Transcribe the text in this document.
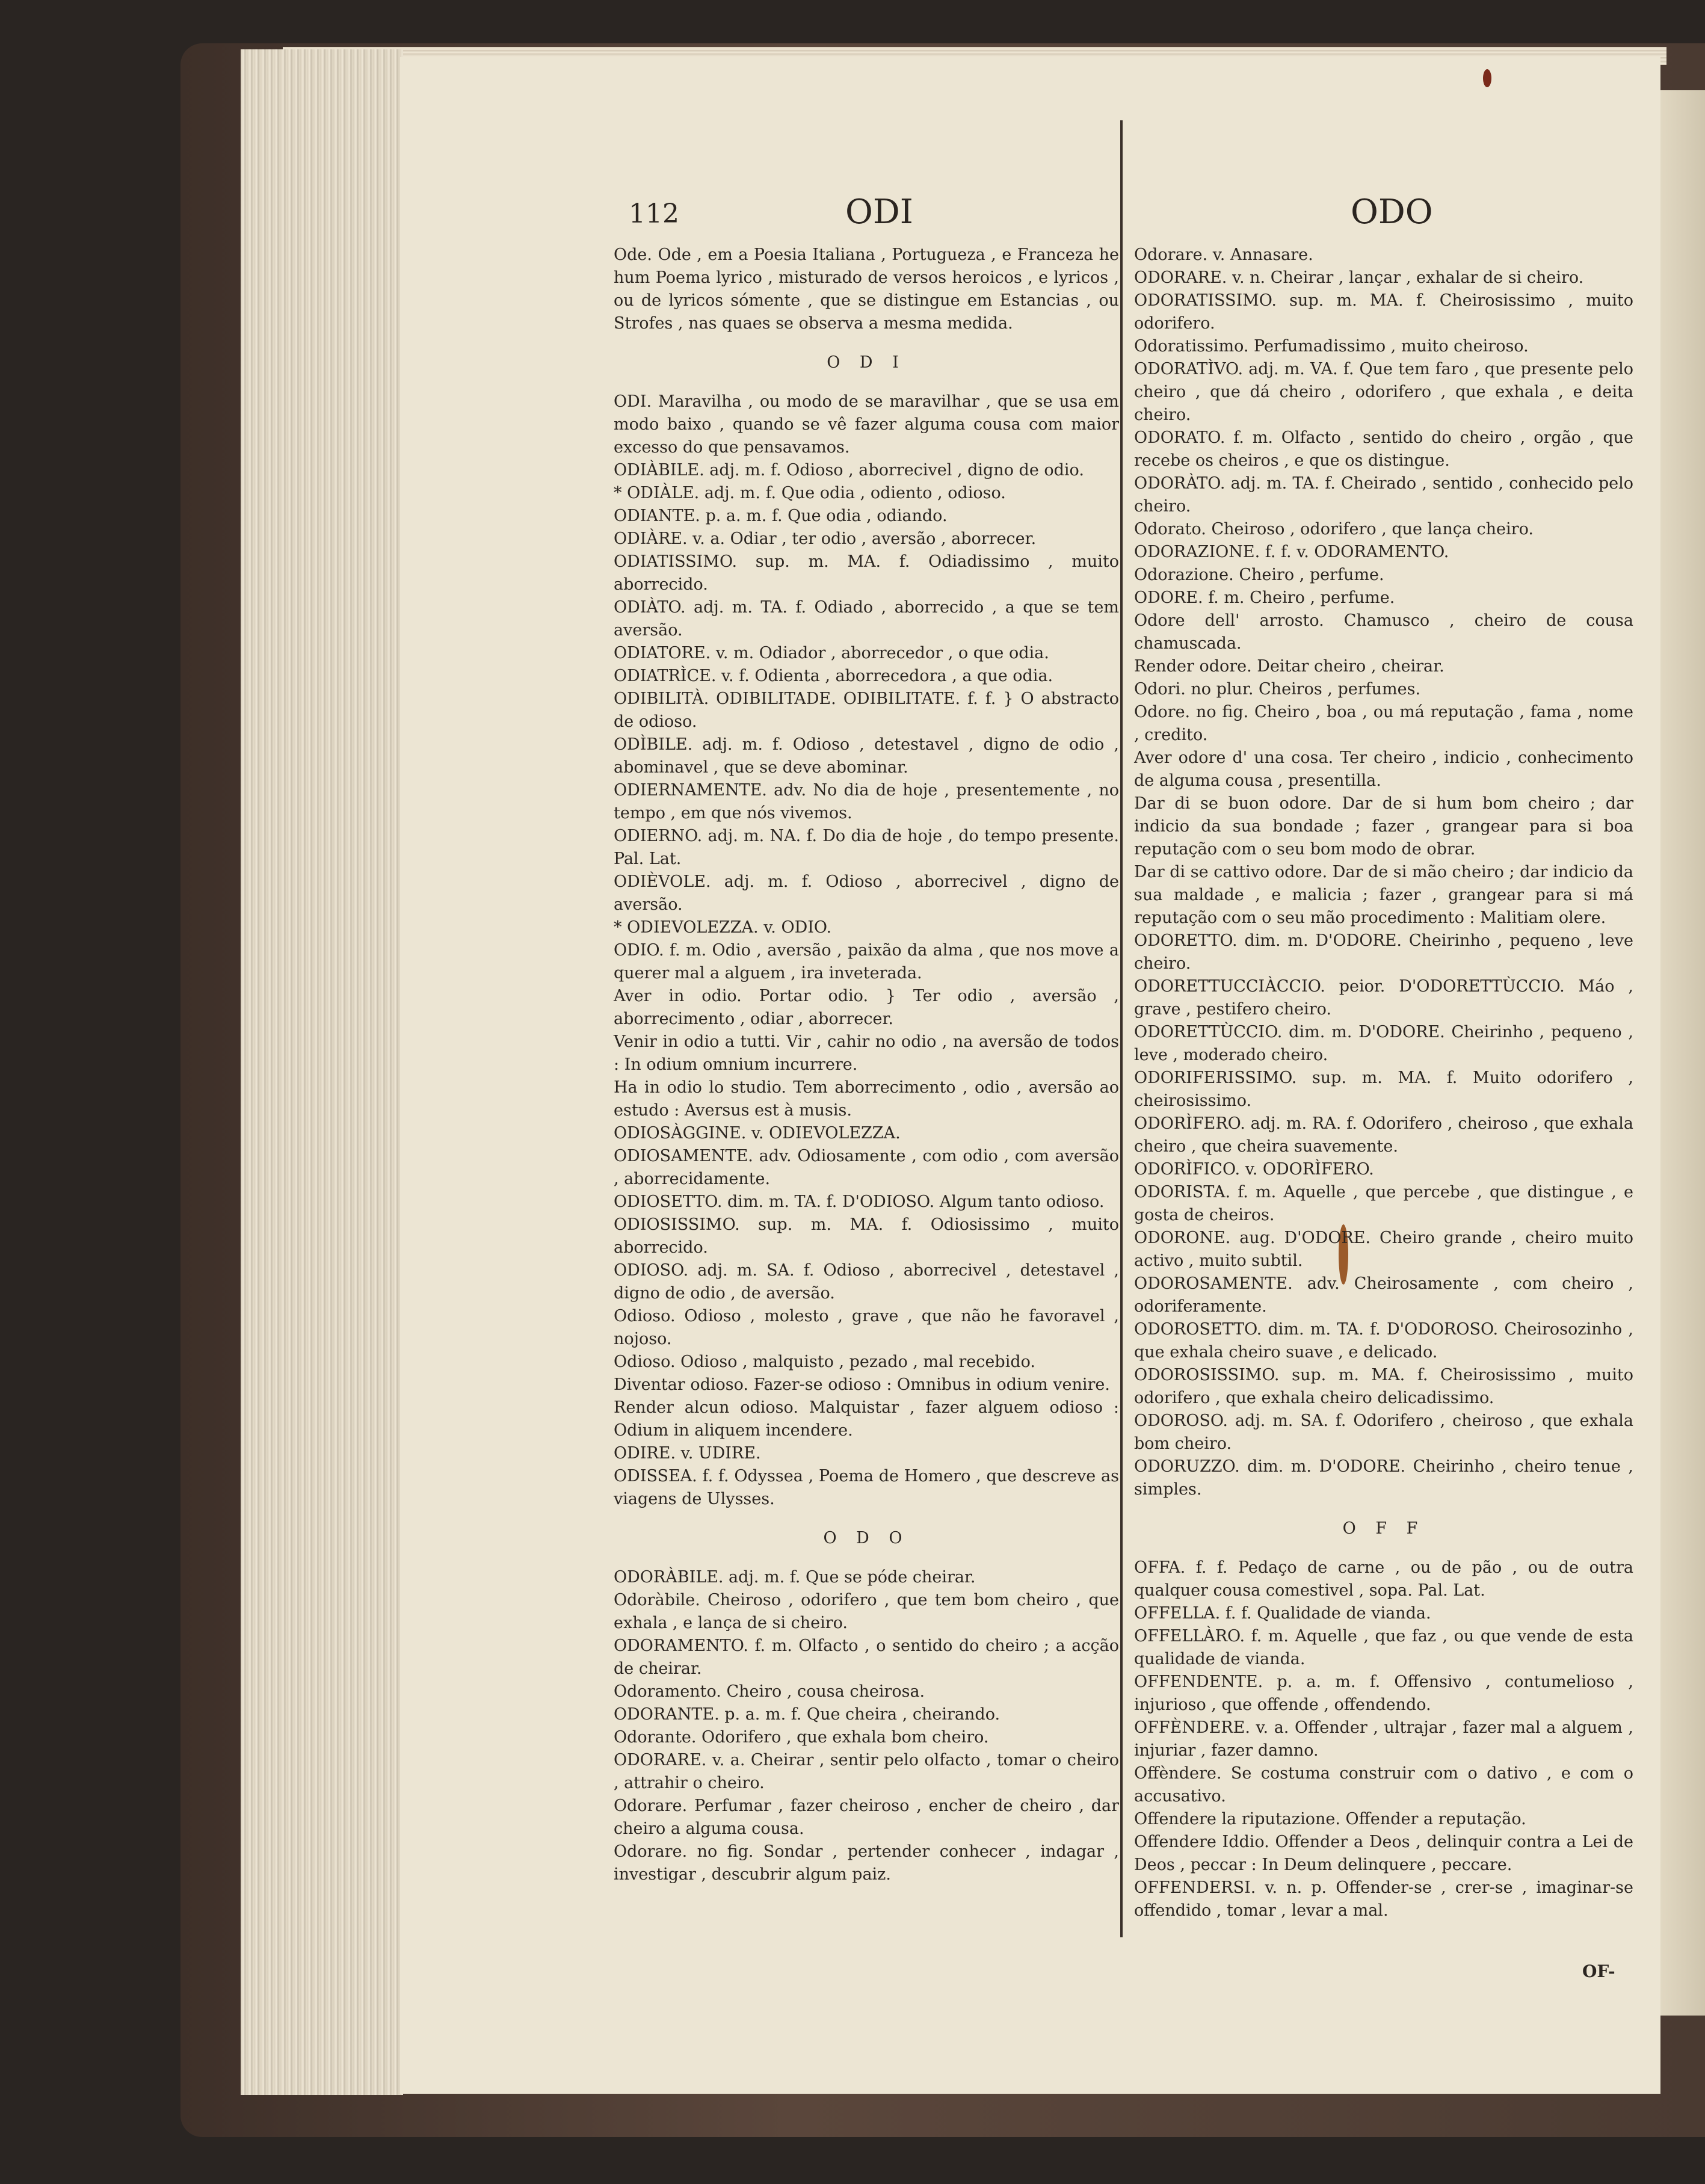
112	ODI	ODO

Ode. Ode , em a Poesia Italiana , Portugueza , e Franceza he hum Poema lyrico , misturado de versos heroicos , e lyricos , ou de lyricos sómente , que se distingue em Estancias , ou Strofes , nas quaes se observa a mesma medida.

O D I

ODI. Maravilha , ou modo de se maravilhar , que se usa em modo baixo , quando se vê fazer alguma cousa com maior excesso do que pensavamos.

ODIÀBILE. adj. m. f. Odioso , aborrecivel , digno de odio.

* ODIÀLE. adj. m. f. Que odia , odiento , odioso.

ODIANTE. p. a. m. f. Que odia , odiando.

ODIÀRE. v. a. Odiar , ter odio , aversão , aborrecer.

ODIATISSIMO. sup. m. MA. f. Odiadissimo , muito aborrecido.

ODIÀTO. adj. m. TA. f. Odiado , aborrecido , a que se tem aversão.

ODIATORE. v. m. Odiador , aborrecedor , o que odia.

ODIATRÌCE. v. f. Odienta , aborrecedora , a que odia.

ODIBILITÀ. ODIBILITADE. ODIBILITATE. f. f. } O abstracto de odioso.

ODÌBILE. adj. m. f. Odioso , detestavel , digno de odio , abominavel , que se deve abominar.

ODIERNAMENTE. adv. No dia de hoje , presentemente , no tempo , em que nós vivemos.

ODIERNO. adj. m. NA. f. Do dia de hoje , do tempo presente. Pal. Lat.

ODIÈVOLE. adj. m. f. Odioso , aborrecivel , digno de aversão.

* ODIEVOLEZZA. v. ODIO.

ODIO. f. m. Odio , aversão , paixão da alma , que nos move a querer mal a alguem , ira inveterada.

Aver in odio. Portar odio. } Ter odio , aversão , aborrecimento , odiar , aborrecer.

Venir in odio a tutti. Vir , cahir no odio , na aversão de todos : In odium omnium incurrere.

Ha in odio lo studio. Tem aborrecimento , odio , aversão ao estudo : Aversus est à musis.

ODIOSÀGGINE. v. ODIEVOLEZZA.

ODIOSAMENTE. adv. Odiosamente , com odio , com aversão , aborrecidamente.

ODIOSETTO. dim. m. TA. f. D'ODIOSO. Algum tanto odioso.

ODIOSISSIMO. sup. m. MA. f. Odiosissimo , muito aborrecido.

ODIOSO. adj. m. SA. f. Odioso , aborrecivel , detestavel , digno de odio , de aversão.

Odioso. Odioso , molesto , grave , que não he favoravel , nojoso.

Odioso. Odioso , malquisto , pezado , mal recebido.

Diventar odioso. Fazer-se odioso : Omnibus in odium venire.

Render alcun odioso. Malquistar , fazer alguem odioso : Odium in aliquem incendere.

ODIRE. v. UDIRE.

ODISSEA. f. f. Odyssea , Poema de Homero , que descreve as viagens de Ulysses.

O D O

ODORÀBILE. adj. m. f. Que se póde cheirar.

Odoràbile. Cheiroso , odorifero , que tem bom cheiro , que exhala , e lança de si cheiro.

ODORAMENTO. f. m. Olfacto , o sentido do cheiro ; a acção de cheirar.

Odoramento. Cheiro , cousa cheirosa.

ODORANTE. p. a. m. f. Que cheira , cheirando.

Odorante. Odorifero , que exhala bom cheiro.

ODORARE. v. a. Cheirar , sentir pelo olfacto , tomar o cheiro , attrahir o cheiro.

Odorare. Perfumar , fazer cheiroso , encher de cheiro , dar cheiro a alguma cousa.

Odorare. no fig. Sondar , pertender conhecer , indagar , investigar , descubrir algum paiz.

Odorare. v. Annasare.

ODORARE. v. n. Cheirar , lançar , exhalar de si cheiro.

ODORATISSIMO. sup. m. MA. f. Cheirosissimo , muito odorifero.

Odoratissimo. Perfumadissimo , muito cheiroso.

ODORATÌVO. adj. m. VA. f. Que tem faro , que presente pelo cheiro , que dá cheiro , odorifero , que exhala , e deita cheiro.

ODORATO. f. m. Olfacto , sentido do cheiro , orgão , que recebe os cheiros , e que os distingue.

ODORÀTO. adj. m. TA. f. Cheirado , sentido , conhecido pelo cheiro.

Odorato. Cheiroso , odorifero , que lança cheiro.

ODORAZIONE. f. f. v. ODORAMENTO.

Odorazione. Cheiro , perfume.

ODORE. f. m. Cheiro , perfume.

Odore dell' arrosto. Chamusco , cheiro de cousa chamuscada.

Render odore. Deitar cheiro , cheirar.

Odori. no plur. Cheiros , perfumes.

Odore. no fig. Cheiro , boa , ou má reputação , fama , nome , credito.

Aver odore d' una cosa. Ter cheiro , indicio , conhecimento de alguma cousa , presentilla.

Dar di se buon odore. Dar de si hum bom cheiro ; dar indicio da sua bondade ; fazer , grangear para si boa reputação com o seu bom modo de obrar.

Dar di se cattivo odore. Dar de si mão cheiro ; dar indicio da sua maldade , e malicia ; fazer , grangear para si má reputação com o seu mão procedimento : Malitiam olere.

ODORETTO. dim. m. D'ODORE. Cheirinho , pequeno , leve cheiro.

ODORETTUCCIÀCCIO. peior. D'ODORETTÙCCIO. Máo , grave , pestifero cheiro.

ODORETTÙCCIO. dim. m. D'ODORE. Cheirinho , pequeno , leve , moderado cheiro.

ODORIFERISSIMO. sup. m. MA. f. Muito odorifero , cheirosissimo.

ODORÌFERO. adj. m. RA. f. Odorifero , cheiroso , que exhala cheiro , que cheira suavemente.

ODORÌFICO. v. ODORÌFERO.

ODORISTA. f. m. Aquelle , que percebe , que distingue , e gosta de cheiros.

ODORONE. aug. D'ODORE. Cheiro grande , cheiro muito activo , muito subtil.

ODOROSAMENTE. adv. Cheirosamente , com cheiro , odoriferamente.

ODOROSETTO. dim. m. TA. f. D'ODOROSO. Cheirosozinho , que exhala cheiro suave , e delicado.

ODOROSISSIMO. sup. m. MA. f. Cheirosissimo , muito odorifero , que exhala cheiro delicadissimo.

ODOROSO. adj. m. SA. f. Odorifero , cheiroso , que exhala bom cheiro.

ODORUZZO. dim. m. D'ODORE. Cheirinho , cheiro tenue , simples.

O F F

OFFA. f. f. Pedaço de carne , ou de pão , ou de outra qualquer cousa comestivel , sopa. Pal. Lat.

OFFELLA. f. f. Qualidade de vianda.

OFFELLÀRO. f. m. Aquelle , que faz , ou que vende de esta qualidade de vianda.

OFFENDENTE. p. a. m. f. Offensivo , contumelioso , injurioso , que offende , offendendo.

OFFÈNDERE. v. a. Offender , ultrajar , fazer mal a alguem , injuriar , fazer damno.

Offèndere. Se costuma construir com o dativo , e com o accusativo.

Offendere la riputazione. Offender a reputação.

Offendere Iddio. Offender a Deos , delinquir contra a Lei de Deos , peccar : In Deum delinquere , peccare.

OFFENDERSI. v. n. p. Offender-se , crer-se , imaginar-se offendido , tomar , levar a mal.

OF-
